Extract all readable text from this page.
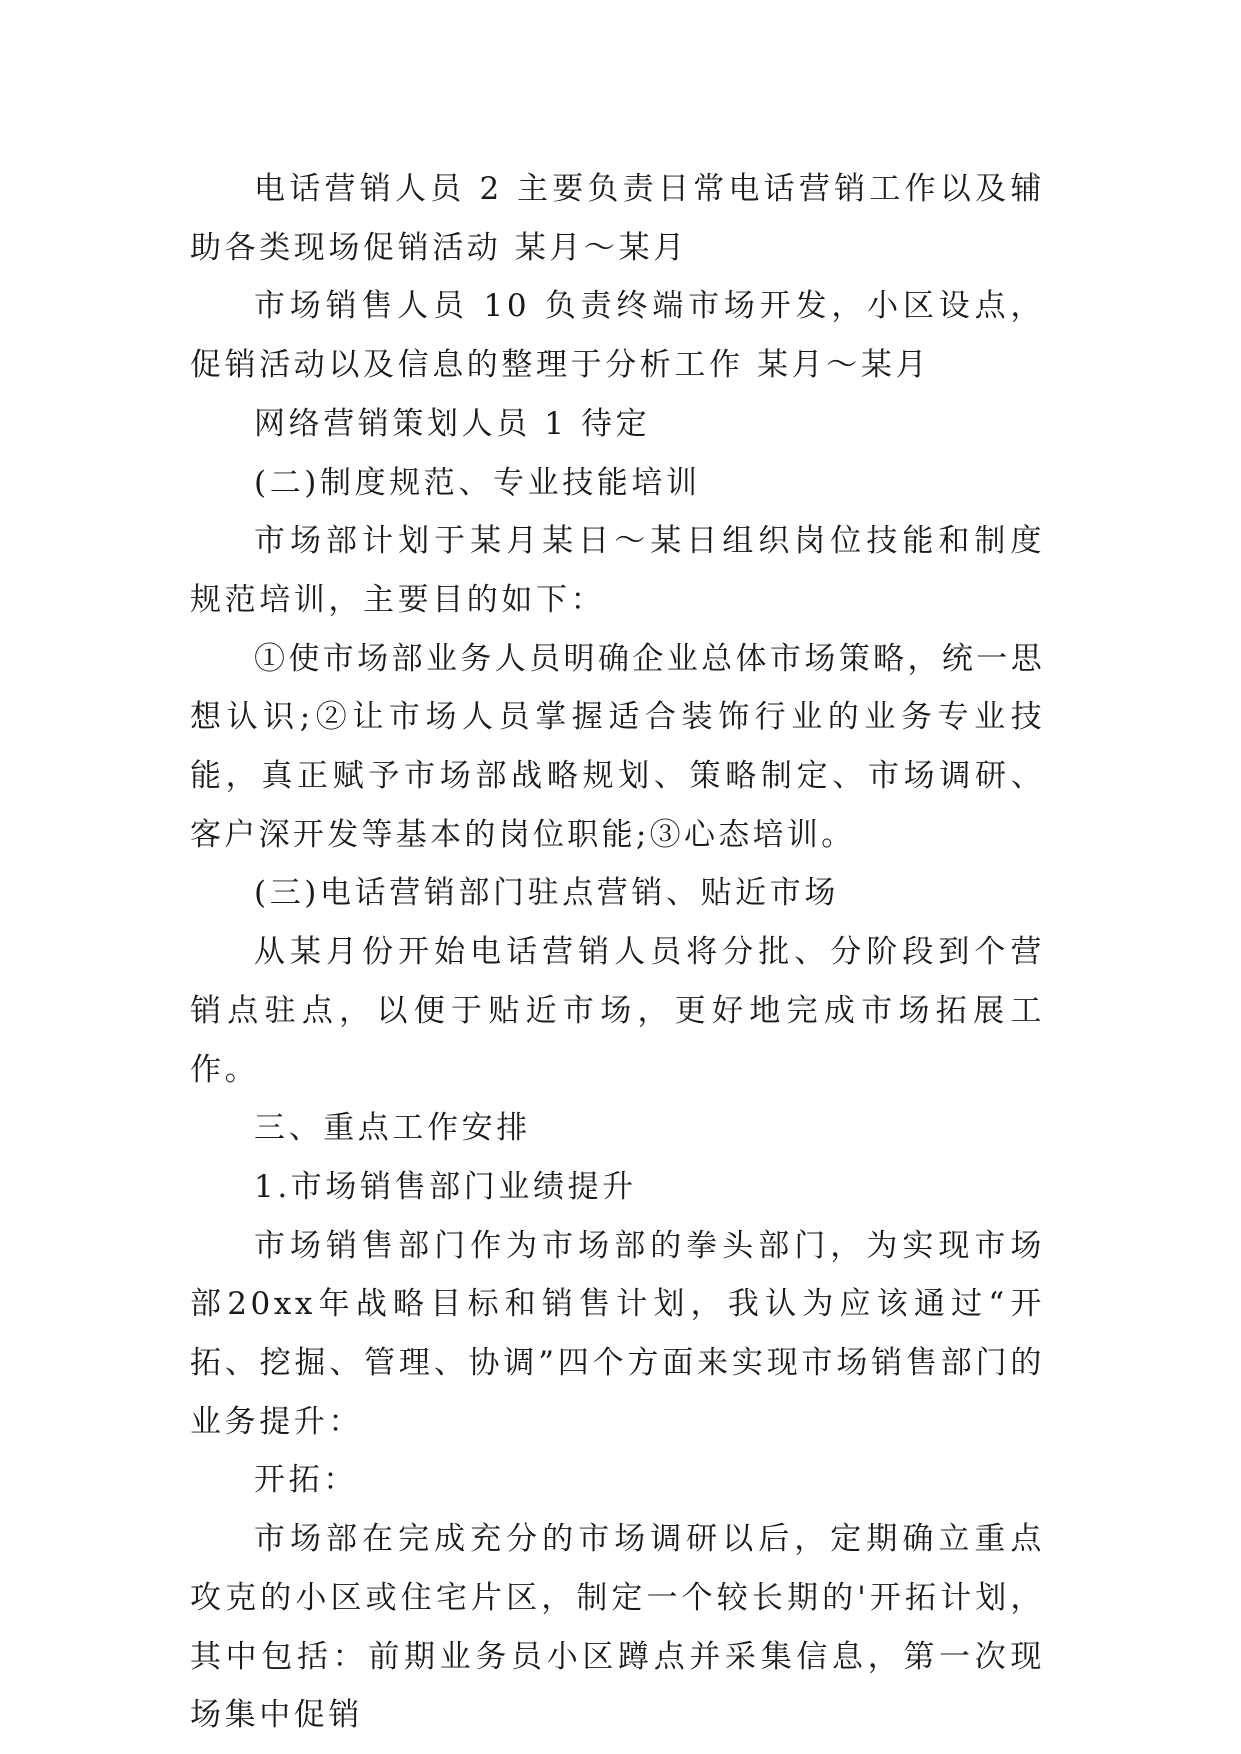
电话营销人员 2 主要负责日常电话营销工作以及辅助各类现场促销活动 某月～某月

市场销售人员 10 负责终端市场开发，小区设点，促销活动以及信息的整理于分析工作 某月～某月

网络营销策划人员 1 待定

(二)制度规范、专业技能培训

市场部计划于某月某日～某日组织岗位技能和制度规范培训，主要目的如下：

①使市场部业务人员明确企业总体市场策略，统一思想认识;②让市场人员掌握适合装饰行业的业务专业技能，真正赋予市场部战略规划、策略制定、市场调研、客户深开发等基本的岗位职能;③心态培训。

(三)电话营销部门驻点营销、贴近市场

从某月份开始电话营销人员将分批、分阶段到个营销点驻点，以便于贴近市场，更好地完成市场拓展工作。

三、重点工作安排

1.市场销售部门业绩提升

市场销售部门作为市场部的拳头部门，为实现市场部20xx年战略目标和销售计划，我认为应该通过“开拓、挖掘、管理、协调”四个方面来实现市场销售部门的业务提升：

开拓：

市场部在完成充分的市场调研以后，定期确立重点攻克的小区或住宅片区，制定一个较长期的'开拓计划，其中包括：前期业务员小区蹲点并采集信息，第一次现场集中促销
